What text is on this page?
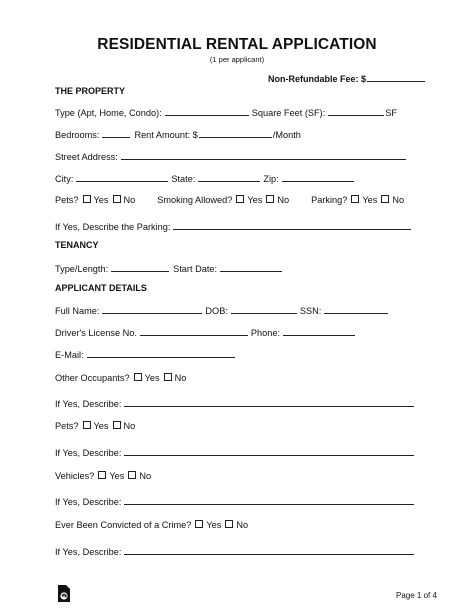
RESIDENTIAL RENTAL APPLICATION
(1 per applicant)
Non-Refundable Fee: $
THE PROPERTY
Type (Apt, Home, Condo):	Square Feet (SF):	SF
Bedrooms:	Rent Amount: $	/Month
Street Address:
City:	State:	Zip:
Pets? Yes No Smoking Allowed? Yes No Parking? Yes No
If Yes, Describe the Parking:
TENANCY
Type/Length:	Start Date:
APPLICANT DETAILS
Full Name:	DOB:	SSN:
Driver's License No.	Phone:
E-Mail:
Other Occupants? Yes No
If Yes, Describe:
Pets? Yes No
If Yes, Describe:
Vehicles? Yes No
If Yes, Describe:
Ever Been Convicted of a Crime? Yes No
If Yes, Describe:
Page 1 of 4
